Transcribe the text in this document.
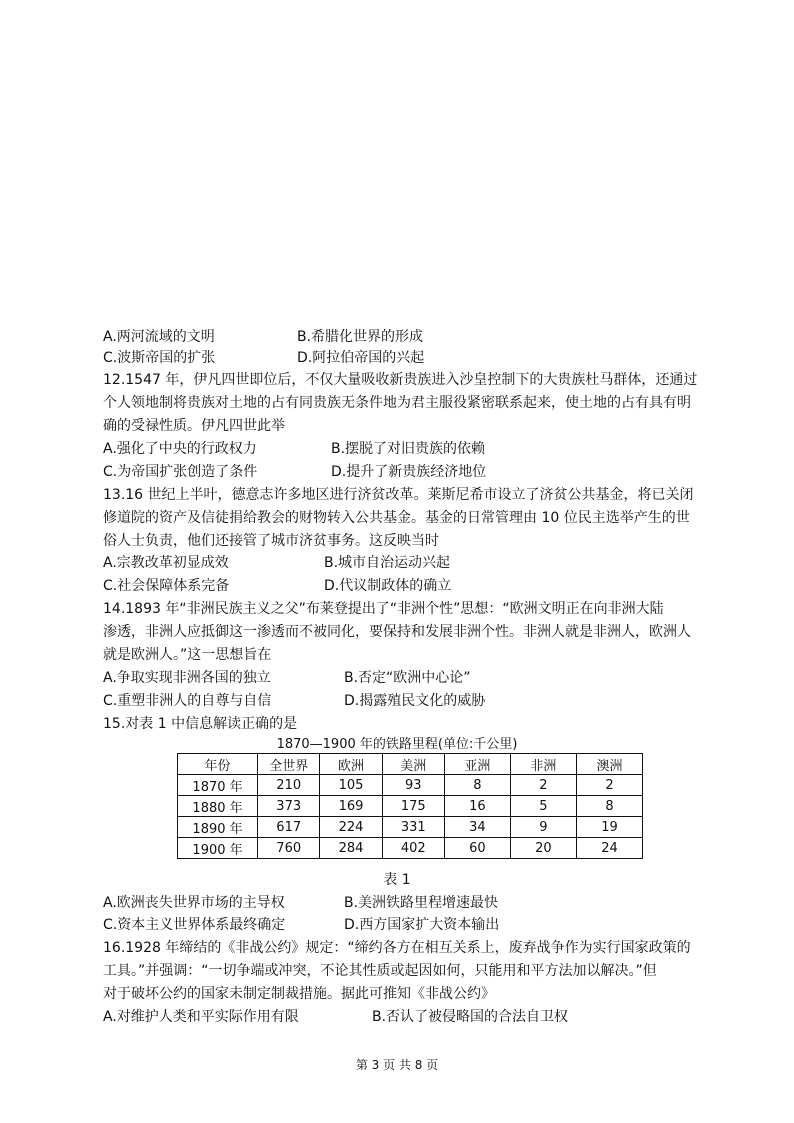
A.两河流域的文明	B.希腊化世界的形成
C.波斯帝国的扩张	D.阿拉伯帝国的兴起
12.1547 年，伊凡四世即位后，不仅大量吸收新贵族进入沙皇控制下的大贵族杜马群体，还通过
个人领地制将贵族对土地的占有同贵族无条件地为君主服役紧密联系起来，使土地的占有具有明
确的受禄性质。伊凡四世此举
A.强化了中央的行政权力	B.摆脱了对旧贵族的依赖
C.为帝国扩张创造了条件	D.提升了新贵族经济地位
13.16 世纪上半叶，德意志许多地区进行济贫改革。莱斯尼希市设立了济贫公共基金，将已关闭
修道院的资产及信徒捐给教会的财物转入公共基金。基金的日常管理由 10 位民主选举产生的世
俗人士负责，他们还接管了城市济贫事务。这反映当时
A.宗教改革初显成效	B.城市自治运动兴起
C.社会保障体系完备	D.代议制政体的确立
14.1893 年“非洲民族主义之父”布莱登提出了“非洲个性”思想：“欧洲文明正在向非洲大陆
渗透，非洲人应抵御这一渗透而不被同化，要保持和发展非洲个性。非洲人就是非洲人，欧洲人
就是欧洲人。”这一思想旨在
A.争取实现非洲各国的独立	B.否定“欧洲中心论”
C.重塑非洲人的自尊与自信	D.揭露殖民文化的威胁
15.对表 1 中信息解读正确的是
1870—1900 年的铁路里程(单位:千公里)
年份	全世界	欧洲	美洲	亚洲	非洲	澳洲
1870 年	210	105	93	8	2	2
1880 年	373	169	175	16	5	8
1890 年	617	224	331	34	9	19
1900 年	760	284	402	60	20	24
表 1
A.欧洲丧失世界市场的主导权	B.美洲铁路里程增速最快
C.资本主义世界体系最终确定	D.西方国家扩大资本输出
16.1928 年缔结的《非战公约》规定：“缔约各方在相互关系上，废弃战争作为实行国家政策的
工具。”并强调：“一切争端或冲突，不论其性质或起因如何，只能用和平方法加以解决。”但
对于破坏公约的国家未制定制裁措施。据此可推知《非战公约》
A.对维护人类和平实际作用有限	B.否认了被侵略国的合法自卫权
第 3 页 共 8 页
